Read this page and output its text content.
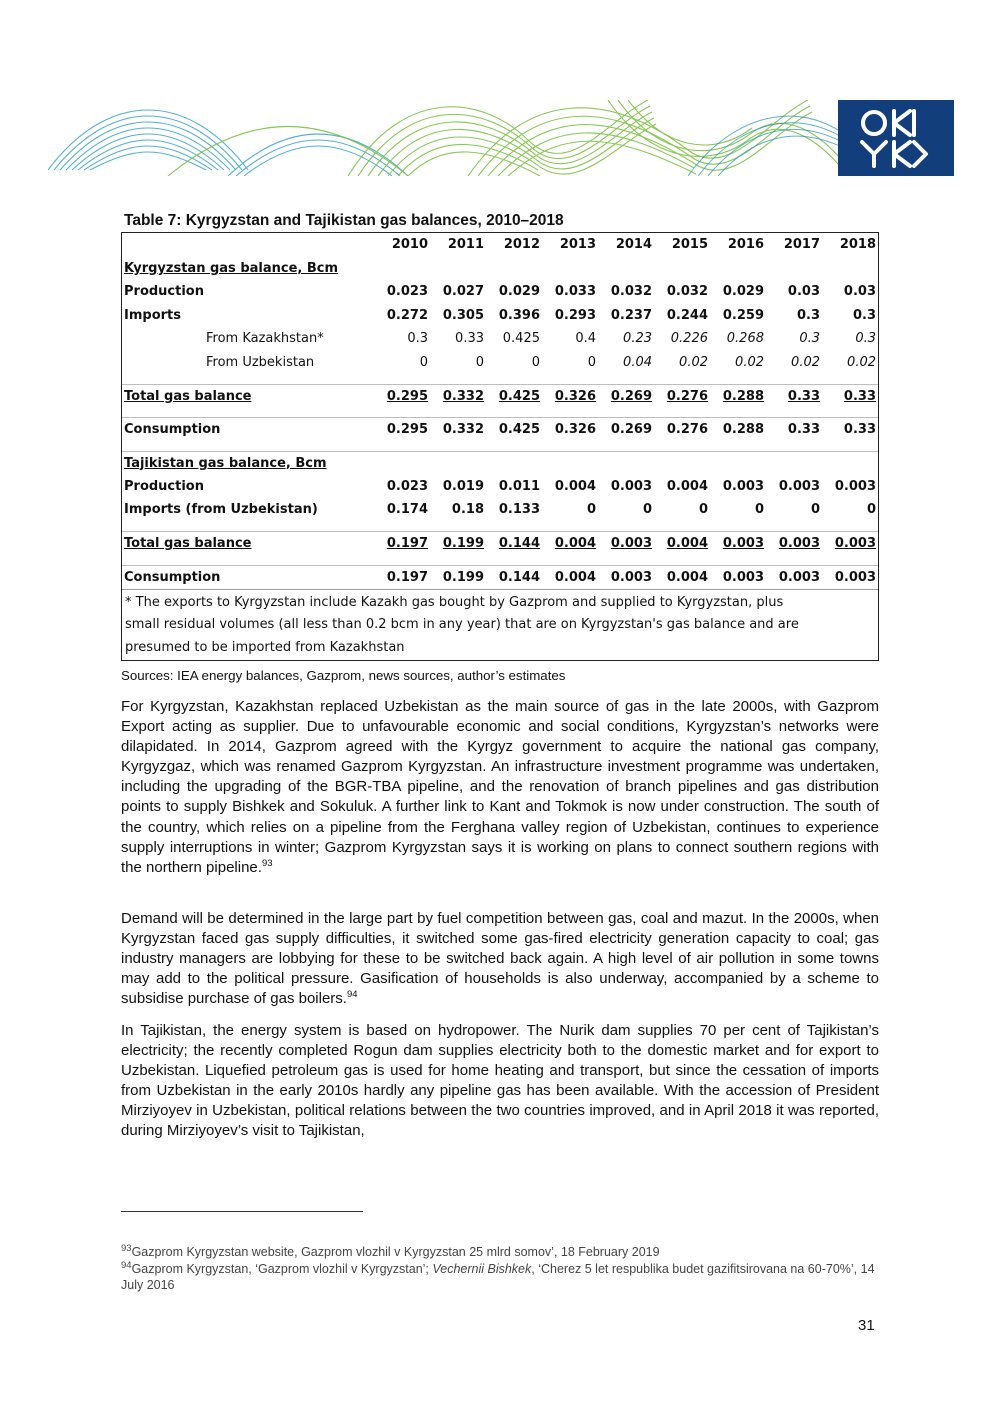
Table 7: Kyrgyzstan and Tajikistan gas balances, 2010–2018
	2010	2011	2012	2013	2014	2015	2016	2017	2018
Kyrgyzstan gas balance, Bcm									
Production	0.023	0.027	0.029	0.033	0.032	0.032	0.029	0.03	0.03
Imports	0.272	0.305	0.396	0.293	0.237	0.244	0.259	0.3	0.3
From Kazakhstan*	0.3	0.33	0.425	0.4	0.23	0.226	0.268	0.3	0.3
From Uzbekistan	0	0	0	0	0.04	0.02	0.02	0.02	0.02

Total gas balance	0.295	0.332	0.425	0.326	0.269	0.276	0.288	0.33	0.33

Consumption	0.295	0.332	0.425	0.326	0.269	0.276	0.288	0.33	0.33

Tajikistan gas balance, Bcm									
Production	0.023	0.019	0.011	0.004	0.003	0.004	0.003	0.003	0.003
Imports (from Uzbekistan)	0.174	0.18	0.133	0	0	0	0	0	0

Total gas balance	0.197	0.199	0.144	0.004	0.003	0.004	0.003	0.003	0.003

Consumption	0.197	0.199	0.144	0.004	0.003	0.004	0.003	0.003	0.003
* The exports to Kyrgyzstan include Kazakh gas bought by Gazprom and supplied to Kyrgyzstan, plus
small residual volumes (all less than 0.2 bcm in any year) that are on Kyrgyzstan's gas balance and are
presumed to be imported from Kazakhstan
Sources: IEA energy balances, Gazprom, news sources, author’s estimates
For Kyrgyzstan, Kazakhstan replaced Uzbekistan as the main source of gas in the late 2000s, with Gazprom Export acting as supplier. Due to unfavourable economic and social conditions, Kyrgyzstan’s networks were dilapidated. In 2014, Gazprom agreed with the Kyrgyz government to acquire the national gas company, Kyrgyzgaz, which was renamed Gazprom Kyrgyzstan. An infrastructure investment programme was undertaken, including the upgrading of the BGR-TBA pipeline, and the renovation of branch pipelines and gas distribution points to supply Bishkek and Sokuluk. A further link to Kant and Tokmok is now under construction. The south of the country, which relies on a pipeline from the Ferghana valley region of Uzbekistan, continues to experience supply interruptions in winter; Gazprom Kyrgyzstan says it is working on plans to connect southern regions with the northern pipeline.$^{93}$
Demand will be determined in the large part by fuel competition between gas, coal and mazut. In the 2000s, when Kyrgyzstan faced gas supply difficulties, it switched some gas-fired electricity generation capacity to coal; gas industry managers are lobbying for these to be switched back again. A high level of air pollution in some towns may add to the political pressure. Gasification of households is also underway, accompanied by a scheme to subsidise purchase of gas boilers.$^{94}$
In Tajikistan, the energy system is based on hydropower. The Nurik dam supplies 70 per cent of Tajikistan’s electricity; the recently completed Rogun dam supplies electricity both to the domestic market and for export to Uzbekistan. Liquefied petroleum gas is used for home heating and transport, but since the cessation of imports from Uzbekistan in the early 2010s hardly any pipeline gas has been available. With the accession of President Mirziyoyev in Uzbekistan, political relations between the two countries improved, and in April 2018 it was reported, during Mirziyoyev’s visit to Tajikistan,
$^{93}$Gazprom Kyrgyzstan website, Gazprom vlozhil v Kyrgyzstan 25 mlrd somov’, 18 February 2019
$^{94}$Gazprom Kyrgyzstan, ‘Gazprom vlozhil v Kyrgyzstan’; Vechernii Bishkek, ‘Cherez 5 let respublika budet gazifitsirovana na 60-70%’, 14 July 2016
31
